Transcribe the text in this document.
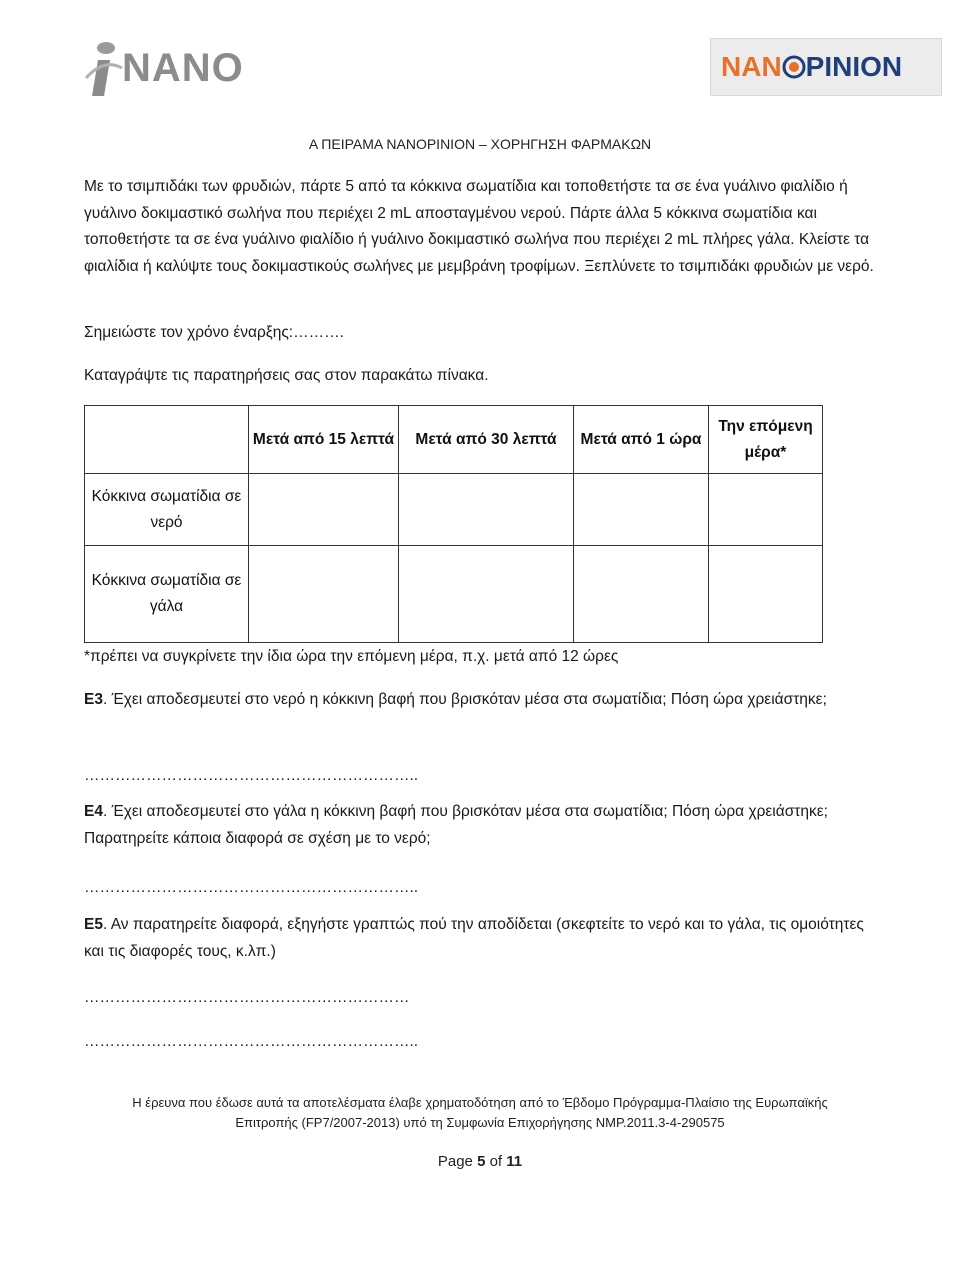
NANO	NAN PINION
Α ΠΕΙΡΑΜΑ NANOPINION – ΧΟΡΗΓΗΣΗ ΦΑΡΜΑΚΩΝ
Με το τσιμπιδάκι των φρυδιών, πάρτε 5 από τα κόκκινα σωματίδια και τοποθετήστε τα σε ένα γυάλινο φιαλίδιο ή γυάλινο δοκιμαστικό σωλήνα που περιέχει 2 mL αποσταγμένου νερού. Πάρτε άλλα 5 κόκκινα σωματίδια και τοποθετήστε τα σε ένα γυάλινο φιαλίδιο ή γυάλινο δοκιμαστικό σωλήνα που περιέχει 2 mL πλήρες γάλα. Κλείστε τα φιαλίδια ή καλύψτε τους δοκιμαστικούς σωλήνες με μεμβράνη τροφίμων. Ξεπλύνετε το τσιμπιδάκι φρυδιών με νερό.
Σημειώστε τον χρόνο έναρξης:……….
Καταγράψτε τις παρατηρήσεις σας στον παρακάτω πίνακα.
	Μετά από 15 λεπτά	Μετά από 30 λεπτά	Μετά από 1 ώρα	Την επόμενη μέρα*
Κόκκινα σωματίδια σε νερό				
Κόκκινα σωματίδια σε γάλα				
*πρέπει να συγκρίνετε την ίδια ώρα την επόμενη μέρα, π.χ. μετά από 12 ώρες
Ε3. Έχει αποδεσμευτεί στο νερό η κόκκινη βαφή που βρισκόταν μέσα στα σωματίδια; Πόση ώρα χρειάστηκε;
………………………………………………………..
Ε4. Έχει αποδεσμευτεί στο γάλα η κόκκινη βαφή που βρισκόταν μέσα στα σωματίδια; Πόση ώρα χρειάστηκε; Παρατηρείτε κάποια διαφορά σε σχέση με το νερό;
………………………………………………………..
Ε5. Αν παρατηρείτε διαφορά, εξηγήστε γραπτώς πού την αποδίδεται (σκεφτείτε το νερό και το γάλα, τις ομοιότητες και τις διαφορές τους, κ.λπ.)
………………………………………………………
………………………………………………………..
Η έρευνα που έδωσε αυτά τα αποτελέσματα έλαβε χρηματοδότηση από το Έβδομο Πρόγραμμα-Πλαίσιο της Ευρωπαϊκής
Επιτροπής (FP7/2007-2013) υπό τη Συμφωνία Επιχορήγησης NMP.2011.3-4-290575
Page 5 of 11
